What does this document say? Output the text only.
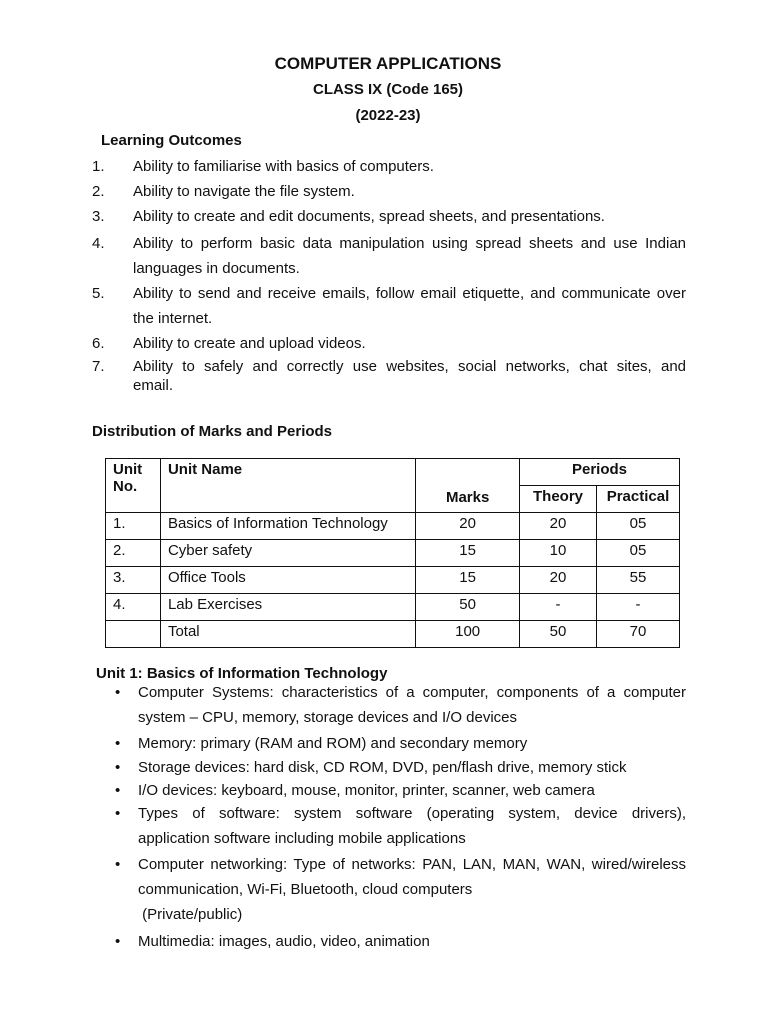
COMPUTER APPLICATIONS
CLASS IX (Code 165)
(2022-23)
Learning Outcomes
1. Ability to familiarise with basics of computers.
2. Ability to navigate the file system.
3. Ability to create and edit documents, spread sheets, and presentations.
4. Ability to perform basic data manipulation using spread sheets and use Indian
languages in documents.
5. Ability to send and receive emails, follow email etiquette, and communicate over
the internet.
6. Ability to create and upload videos.
7. Ability to safely and correctly use websites, social networks, chat sites, and
email.
Distribution of Marks and Periods
Unit No.	Unit Name	Marks	Periods	
			Theory	Practical
1.	Basics of Information Technology	20	20	05
2.	Cyber safety	15	10	05
3.	Office Tools	15	20	55
4.	Lab Exercises	50	-	-
	Total	100	50	70
Unit 1: Basics of Information Technology
• Computer Systems: characteristics of a computer, components of a computer
system – CPU, memory, storage devices and I/O devices
• Memory: primary (RAM and ROM) and secondary memory
• Storage devices: hard disk, CD ROM, DVD, pen/flash drive, memory stick
• I/O devices: keyboard, mouse, monitor, printer, scanner, web camera
• Types of software: system software (operating system, device drivers),
application software including mobile applications
• Computer networking: Type of networks: PAN, LAN, MAN, WAN, wired/wireless
communication, Wi-Fi, Bluetooth, cloud computers
(Private/public)
• Multimedia: images, audio, video, animation
